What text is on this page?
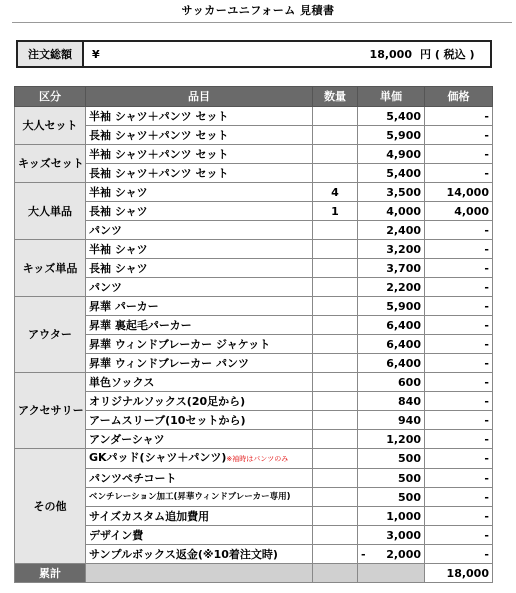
サッカーユニフォーム 見積書
注文総額	¥	18,000 円 ( 税込 )
区分	品目	数量	単価	価格
大人セット	半袖 シャツ＋パンツ セット		5,400	-
	長袖 シャツ＋パンツ セット		5,900	-
キッズセット	半袖 シャツ＋パンツ セット		4,900	-
	長袖 シャツ＋パンツ セット		5,400	-
大人単品	半袖 シャツ	4	3,500	14,000
	長袖 シャツ	1	4,000	4,000
	パンツ		2,400	-
キッズ単品	半袖 シャツ		3,200	-
	長袖 シャツ		3,700	-
	パンツ		2,200	-
アウター	昇華 パーカー		5,900	-
	昇華 裏起毛パーカー		6,400	-
	昇華 ウィンドブレーカー ジャケット		6,400	-
	昇華 ウィンドブレーカー パンツ		6,400	-
アクセサリー	単色ソックス		600	-
	オリジナルソックス(20足から)		840	-
	アームスリーブ(10セットから)		940	-
	アンダーシャツ		1,200	-
その他	GKパッド(シャツ＋パンツ)※袖時はパンツのみ		500	-
	パンツペチコート		500	-
	ベンチレーション加工(昇華ウィンドブレーカー専用)		500	-
	サイズカスタム追加費用		1,000	-
	デザイン費		3,000	-
	サンプルボックス返金(※10着注文時)		- 2,000	-
累計				18,000
